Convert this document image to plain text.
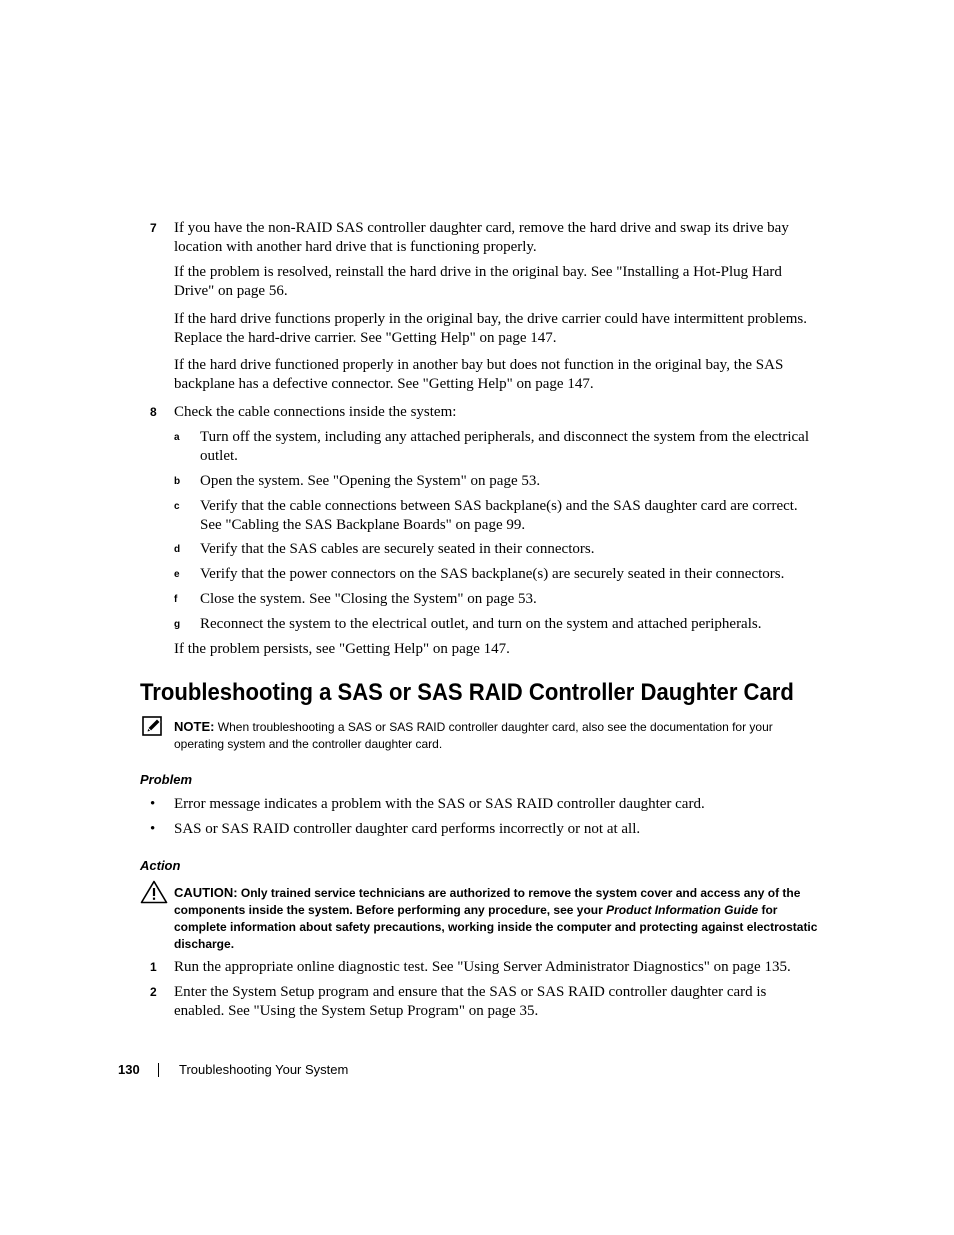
7 If you have the non-RAID SAS controller daughter card, remove the hard drive and swap its drive bay location with another hard drive that is functioning properly.
If the problem is resolved, reinstall the hard drive in the original bay. See "Installing a Hot-Plug Hard Drive" on page 56.
If the hard drive functions properly in the original bay, the drive carrier could have intermittent problems. Replace the hard-drive carrier. See "Getting Help" on page 147.
If the hard drive functioned properly in another bay but does not function in the original bay, the SAS backplane has a defective connector. See "Getting Help" on page 147.
8 Check the cable connections inside the system:
a Turn off the system, including any attached peripherals, and disconnect the system from the electrical outlet.
b Open the system. See "Opening the System" on page 53.
c Verify that the cable connections between SAS backplane(s) and the SAS daughter card are correct. See "Cabling the SAS Backplane Boards" on page 99.
d Verify that the SAS cables are securely seated in their connectors.
e Verify that the power connectors on the SAS backplane(s) are securely seated in their connectors.
f Close the system. See "Closing the System" on page 53.
g Reconnect the system to the electrical outlet, and turn on the system and attached peripherals.
If the problem persists, see "Getting Help" on page 147.
Troubleshooting a SAS or SAS RAID Controller Daughter Card
NOTE: When troubleshooting a SAS or SAS RAID controller daughter card, also see the documentation for your operating system and the controller daughter card.
Problem
• Error message indicates a problem with the SAS or SAS RAID controller daughter card.
• SAS or SAS RAID controller daughter card performs incorrectly or not at all.
Action
CAUTION: Only trained service technicians are authorized to remove the system cover and access any of the components inside the system. Before performing any procedure, see your Product Information Guide for complete information about safety precautions, working inside the computer and protecting against electrostatic discharge.
1 Run the appropriate online diagnostic test. See "Using Server Administrator Diagnostics" on page 135.
2 Enter the System Setup program and ensure that the SAS or SAS RAID controller daughter card is enabled. See "Using the System Setup Program" on page 35.
130	Troubleshooting Your System
